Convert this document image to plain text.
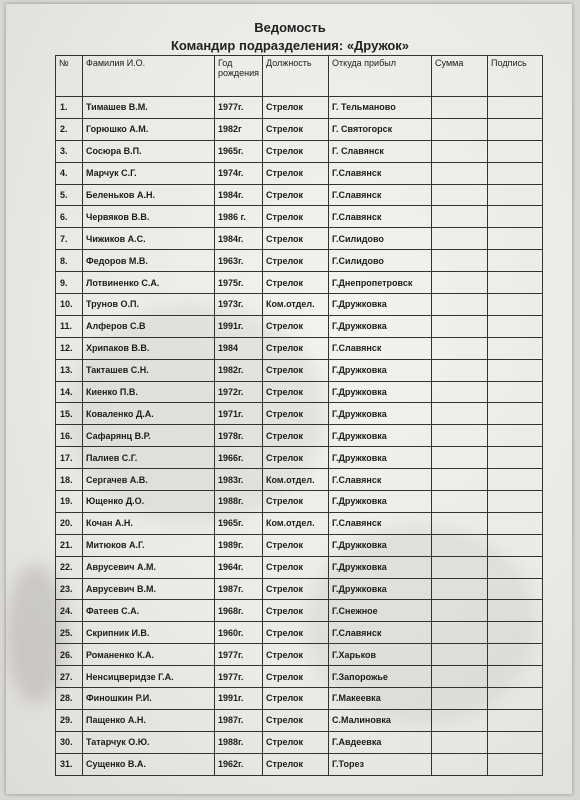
Ведомость
Командир подразделения: «Дружок»
№	Фамилия И.О.	Год рождения	Должность	Откуда прибыл	Сумма	Подпись
1.	Тимашев В.М.	1977г.	Стрелок	Г. Тельманово		
2.	Горюшко А.М.	1982г	Стрелок	Г. Святогорск		
3.	Сосюра В.П.	1965г.	Стрелок	Г. Славянск		
4.	Марчук С.Г.	1974г.	Стрелок	Г.Славянск		
5.	Беленьков А.Н.	1984г.	Стрелок	Г.Славянск		
6.	Червяков В.В.	1986 г.	Стрелок	Г.Славянск		
7.	Чижиков А.С.	1984г.	Стрелок	Г.Силидово		
8.	Федоров М.В.	1963г.	Стрелок	Г.Силидово		
9.	Лотвиненко С.А.	1975г.	Стрелок	Г.Днепропетровск		
10.	Трунов О.П.	1973г.	Ком.отдел.	Г.Дружковка		
11.	Алферов С.В	1991г.	Стрелок	Г.Дружковка		
12.	Хрипаков В.В.	1984	Стрелок	Г.Славянск		
13.	Такташев С.Н.	1982г.	Стрелок	Г.Дружковка		
14.	Киенко П.В.	1972г.	Стрелок	Г.Дружковка		
15.	Коваленко Д.А.	1971г.	Стрелок	Г.Дружковка		
16.	Сафарянц В.Р.	1978г.	Стрелок	Г.Дружковка		
17.	Палиев С.Г.	1966г.	Стрелок	Г.Дружковка		
18.	Сергачев А.В.	1983г.	Ком.отдел.	Г.Славянск		
19.	Ющенко Д.О.	1988г.	Стрелок	Г.Дружковка		
20.	Кочан А.Н.	1965г.	Ком.отдел.	Г.Славянск		
21.	Митюков А.Г.	1989г.	Стрелок	Г.Дружковка		
22.	Аврусевич А.М.	1964г.	Стрелок	Г.Дружковка		
23.	Аврусевич В.М.	1987г.	Стрелок	Г.Дружковка		
24.	Фатеев С.А.	1968г.	Стрелок	Г.Снежное		
25.	Скрипник И.В.	1960г.	Стрелок	Г.Славянск		
26.	Романенко К.А.	1977г.	Стрелок	Г.Харьков		
27.	Ненсицверидзе Г.А.	1977г.	Стрелок	Г.Запорожье		
28.	Финошкин Р.И.	1991г.	Стрелок	Г.Макеевка		
29.	Пащенко А.Н.	1987г.	Стрелок	С.Малиновка		
30.	Татарчук О.Ю.	1988г.	Стрелок	Г.Авдеевка		
31.	Сущенко В.А.	1962г.	Стрелок	Г.Торез		
